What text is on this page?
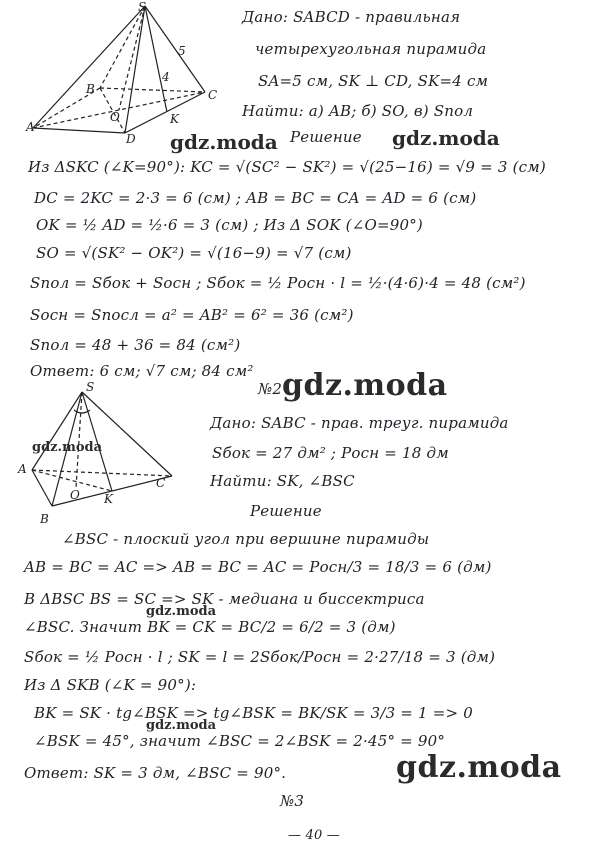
S
B	C
A
O	K
D
5
4
Дано: SABCD - правильная
четырехугольная пирамида
SA=5 см, SK ⊥ CD, SK=4 см
Найти: а) AB; б) SO, в) Sпол
gdz.moda Решение gdz.moda
Из ΔSKC (∠K=90°): KC = √(SC² − SK²) = √(25−16) = √9 = 3 (см)
DC = 2KC = 2·3 = 6 (см) ; AB = BC = CA = AD = 6 (см)
OK = ½ AD = ½·6 = 3 (см) ; Из Δ SOK (∠O=90°)
SO = √(SK² − OK²) = √(16−9) = √7 (см)
Sпол = Sбок + Sосн ; Sбок = ½ Pосн · l = ½·(4·6)·4 = 48 (см²)
Sосн = Sпосл = a² = AB² = 6² = 36 (см²)
Sпол = 48 + 36 = 84 (см²)
Ответ: 6 см; √7 см; 84 см²
№2 gdz.moda
S
A
C
B
O K
gdz.moda
Дано: SABC - прав. треуг. пирамида
Sбок = 27 дм² ; Pосн = 18 дм
Найти: SK, ∠BSC
Решение
∠BSC - плоский угол при вершине пирамиды
AB = BC = AC => AB = BC = AC = Pосн/3 = 18/3 = 6 (дм)
B ΔBSC BS = SC => SK - медиана и биссектриса
gdz.moda
∠BSC. Значит BK = CK = BC/2 = 6/2 = 3 (дм)
Sбок = ½ Pосн · l ; SK = l = 2Sбок/Pосн = 2·27/18 = 3 (дм)
Из Δ SKB (∠K = 90°):
BK = SK · tg∠BSK => tg∠BSK = BK/SK = 3/3 = 1 => 0
gdz.moda
∠BSK = 45°, значит ∠BSC = 2∠BSK = 2·45° = 90°
Ответ: SK = 3 дм, ∠BSC = 90°.	gdz.moda
№3
— 40 —
